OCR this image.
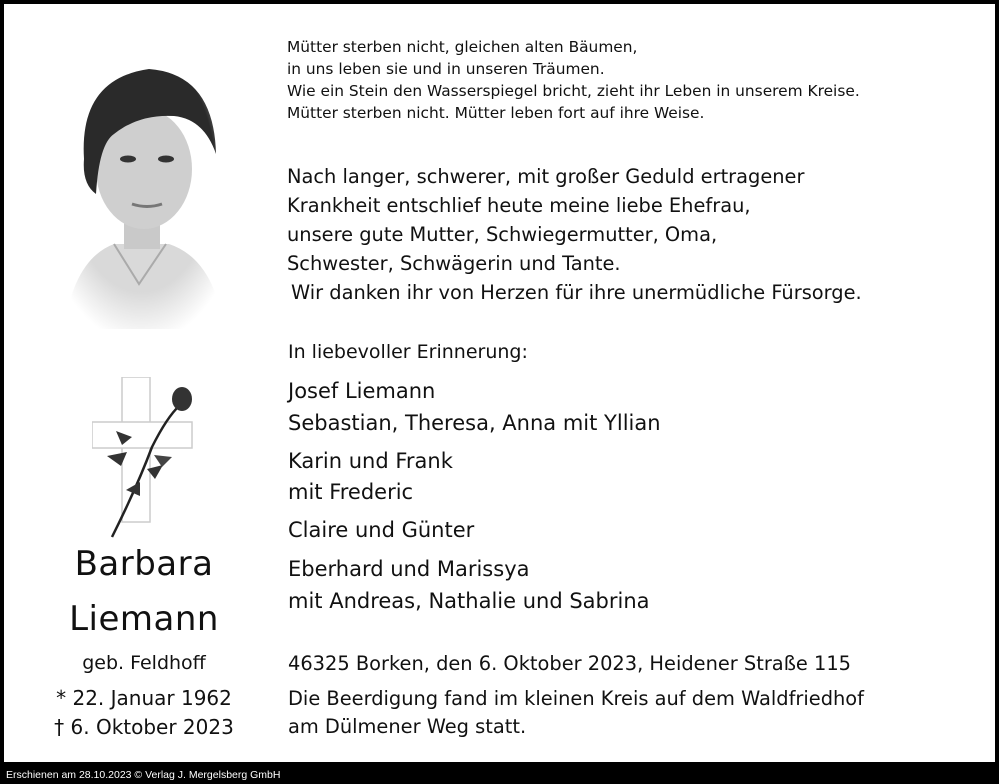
Barbara
Liemann
geb. Feldhoff
* 22. Januar 1962
† 6. Oktober 2023
Mütter sterben nicht, gleichen alten Bäumen,
in uns leben sie und in unseren Träumen.
Wie ein Stein den Wasserspiegel bricht, zieht ihr Leben in unserem Kreise.
Mütter sterben nicht. Mütter leben fort auf ihre Weise.
Nach langer, schwerer, mit großer Geduld ertragener
Krankheit entschlief heute meine liebe Ehefrau,
unsere gute Mutter, Schwiegermutter, Oma,
Schwester, Schwägerin und Tante.
Wir danken ihr von Herzen für ihre unermüdliche Fürsorge.
In liebevoller Erinnerung:
Josef Liemann
Sebastian, Theresa, Anna mit Yllian
Karin und Frank
mit Frederic
Claire und Günter
Eberhard und Marissya
mit Andreas, Nathalie und Sabrina
46325 Borken, den 6. Oktober 2023, Heidener Straße 115
Die Beerdigung fand im kleinen Kreis auf dem Waldfriedhof
am Dülmener Weg statt.
Erschienen am 28.10.2023 © Verlag J. Mergelsberg GmbH
